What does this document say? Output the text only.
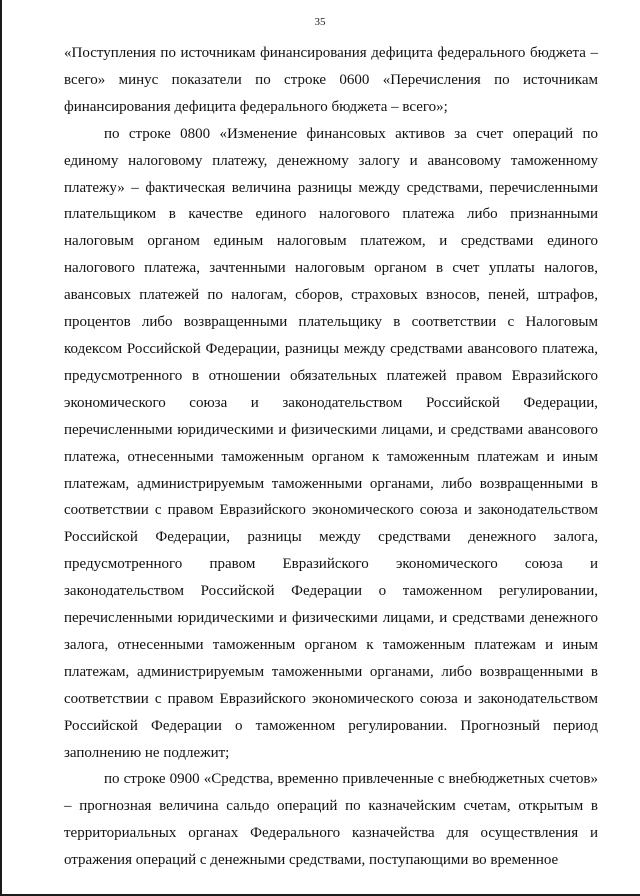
35

«Поступления по источникам финансирования дефицита федерального бюджета – всего» минус показатели по строке 0600 «Перечисления по источникам финансирования дефицита федерального бюджета – всего»;

по строке 0800 «Изменение финансовых активов за счет операций по единому налоговому платежу, денежному залогу и авансовому таможенному платежу» – фактическая величина разницы между средствами, перечисленными плательщиком в качестве единого налогового платежа либо признанными налоговым органом единым налоговым платежом, и средствами единого налогового платежа, зачтенными налоговым органом в счет уплаты налогов, авансовых платежей по налогам, сборов, страховых взносов, пеней, штрафов, процентов либо возвращенными плательщику в соответствии с Налоговым кодексом Российской Федерации, разницы между средствами авансового платежа, предусмотренного в отношении обязательных платежей правом Евразийского экономического союза и законодательством Российской Федерации, перечисленными юридическими и физическими лицами, и средствами авансового платежа, отнесенными таможенным органом к таможенным платежам и иным платежам, администрируемым таможенными органами, либо возвращенными в соответствии с правом Евразийского экономического союза и законодательством Российской Федерации, разницы между средствами денежного залога, предусмотренного правом Евразийского экономического союза и законодательством Российской Федерации о таможенном регулировании, перечисленными юридическими и физическими лицами, и средствами денежного залога, отнесенными таможенным органом к таможенным платежам и иным платежам, администрируемым таможенными органами, либо возвращенными в соответствии с правом Евразийского экономического союза и законодательством Российской Федерации о таможенном регулировании. Прогнозный период заполнению не подлежит;

по строке 0900 «Средства, временно привлеченные с внебюджетных счетов» – прогнозная величина сальдо операций по казначейским счетам, открытым в территориальных органах Федерального казначейства для осуществления и отражения операций с денежными средствами, поступающими во временное
